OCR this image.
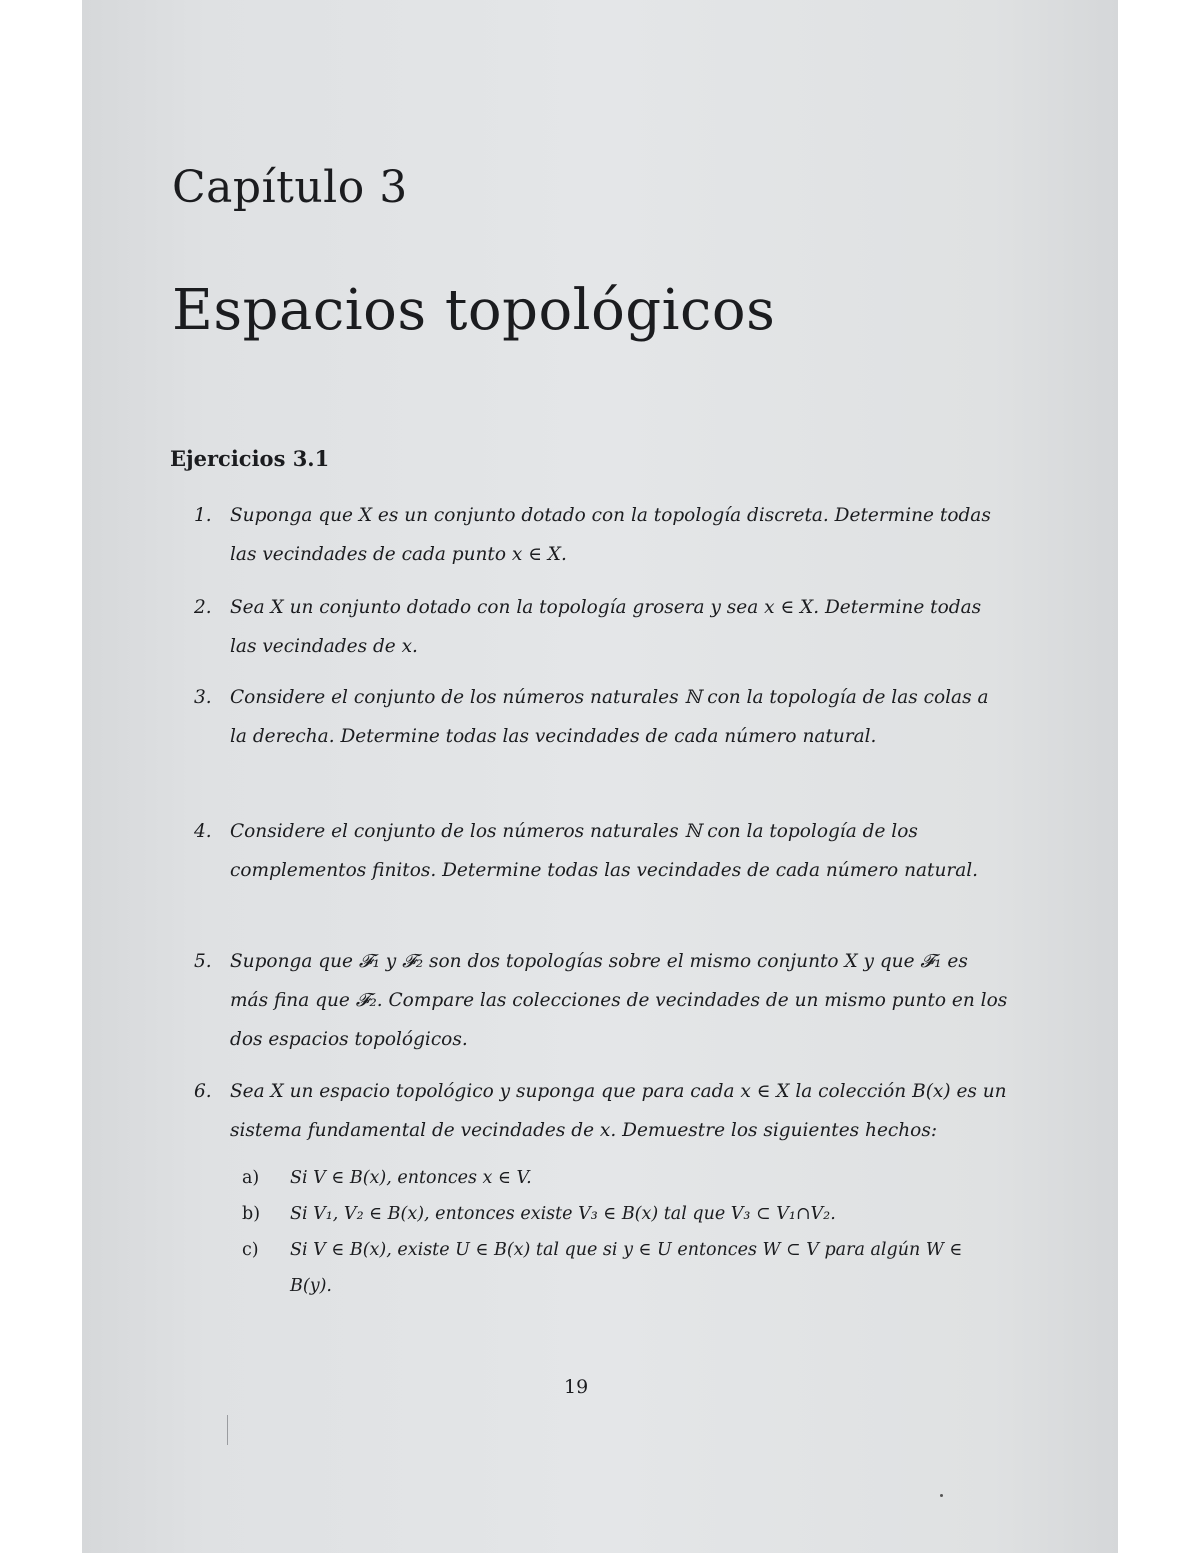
Capítulo 3
Espacios topológicos
Ejercicios 3.1
1. Suponga que X es un conjunto dotado con la topología discreta. Determine todas las vecindades de cada punto x ∈ X.
2. Sea X un conjunto dotado con la topología grosera y sea x ∈ X. Determine todas las vecindades de x.
3. Considere el conjunto de los números naturales ℕ con la topología de las colas a la derecha. Determine todas las vecindades de cada número natural.
4. Considere el conjunto de los números naturales ℕ con la topología de los complementos finitos. Determine todas las vecindades de cada número natural.
5. Suponga que 𝓕₁ y 𝓕₂ son dos topologías sobre el mismo conjunto X y que 𝓕₁ es más fina que 𝓕₂. Compare las colecciones de vecindades de un mismo punto en los dos espacios topológicos.
6. Sea X un espacio topológico y suponga que para cada x ∈ X la colección B(x) es un sistema fundamental de vecindades de x. Demuestre los siguientes hechos:
a) Si V ∈ B(x), entonces x ∈ V.
b) Si V₁, V₂ ∈ B(x), entonces existe V₃ ∈ B(x) tal que V₃ ⊂ V₁∩V₂.
c) Si V ∈ B(x), existe U ∈ B(x) tal que si y ∈ U entonces W ⊂ V para algún W ∈ B(y).

19
